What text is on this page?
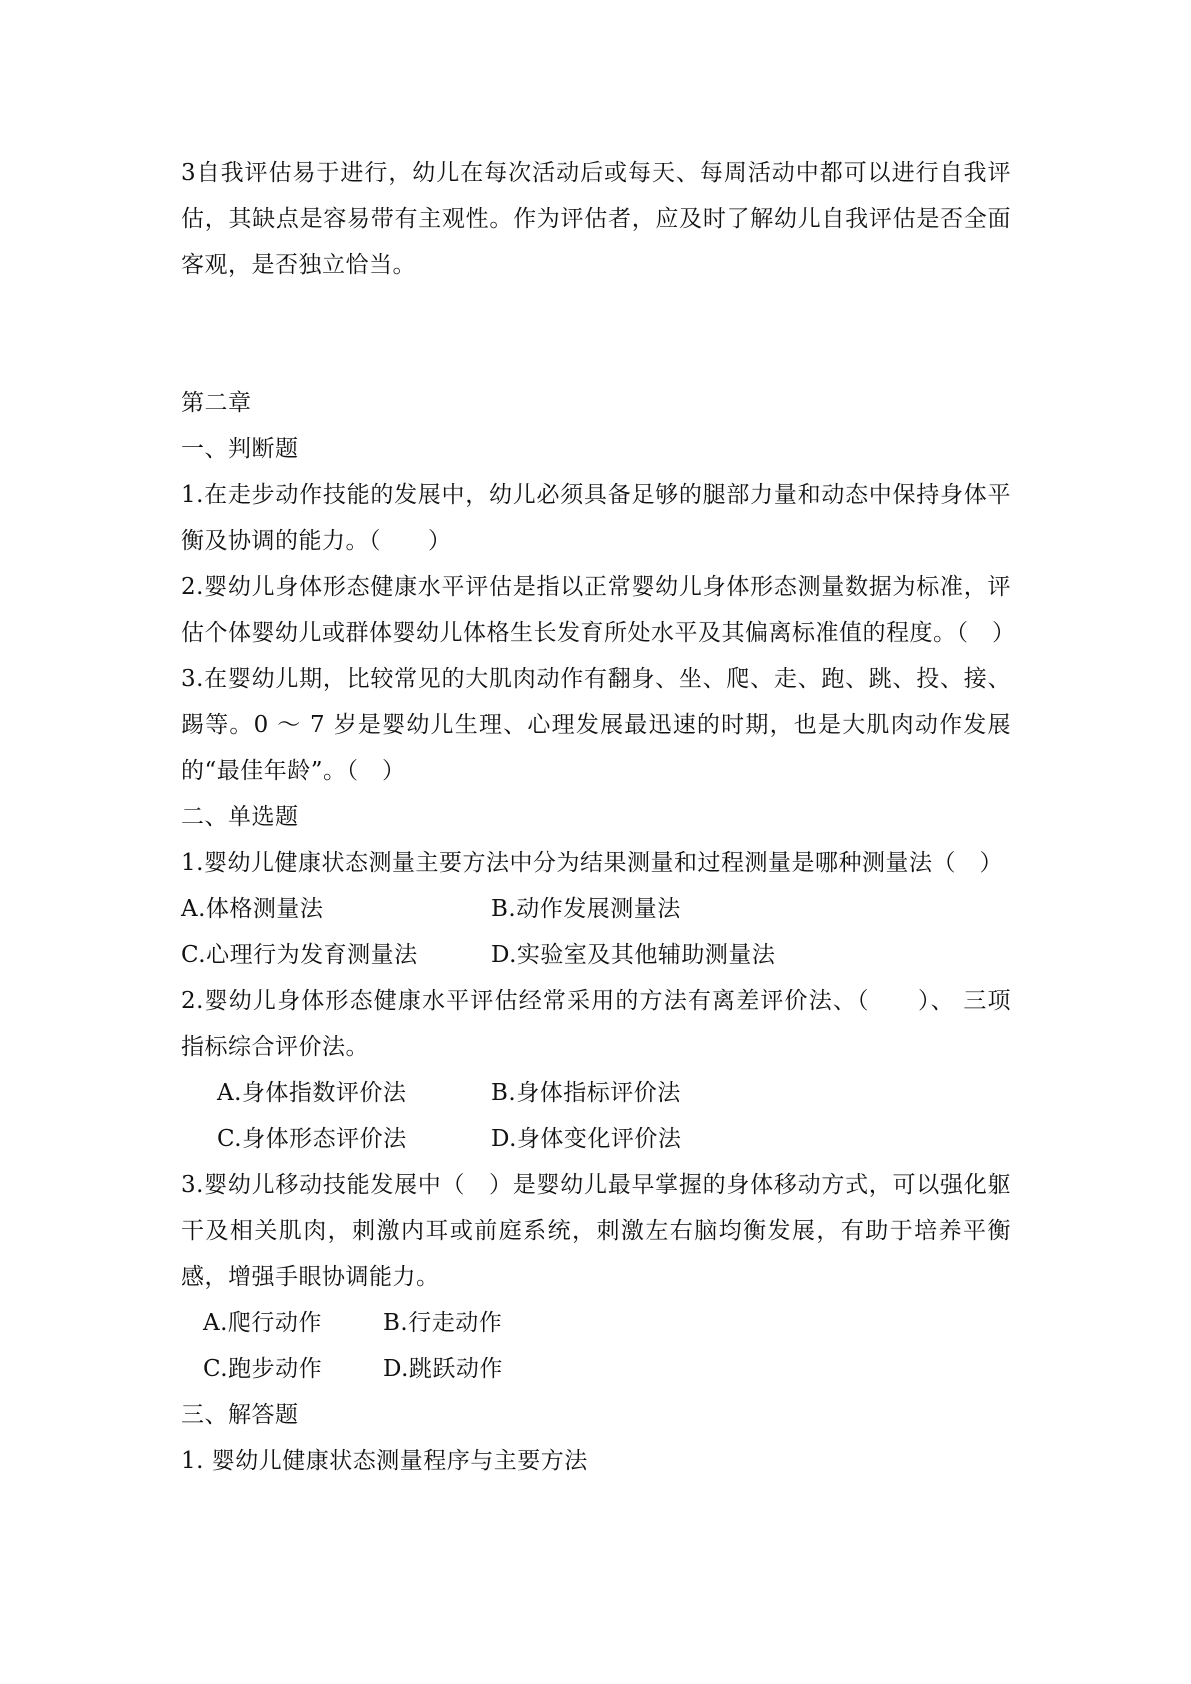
3自我评估易于进行，幼儿在每次活动后或每天、每周活动中都可以进行自我评估，其缺点是容易带有主观性。作为评估者，应及时了解幼儿自我评估是否全面客观，是否独立恰当。

第二章

一、判断题

1.在走步动作技能的发展中，幼儿必须具备足够的腿部力量和动态中保持身体平衡及协调的能力。（　　）

2.婴幼儿身体形态健康水平评估是指以正常婴幼儿身体形态测量数据为标准，评估个体婴幼儿或群体婴幼儿体格生长发育所处水平及其偏离标准值的程度。（　）

3.在婴幼儿期，比较常见的大肌肉动作有翻身、坐、爬、走、跑、跳、投、接、踢等。0 ～ 7 岁是婴幼儿生理、心理发展最迅速的时期，也是大肌肉动作发展的“最佳年龄”。（　）

二、单选题

1.婴幼儿健康状态测量主要方法中分为结果测量和过程测量是哪种测量法（　）

A.体格测量法	B.动作发展测量法
C.心理行为发育测量法	D.实验室及其他辅助测量法

2.婴幼儿身体形态健康水平评估经常采用的方法有离差评价法、（　　）、 三项指标综合评价法。

A.身体指数评价法	B.身体指标评价法
C.身体形态评价法	D.身体变化评价法

3.婴幼儿移动技能发展中（　）是婴幼儿最早掌握的身体移动方式，可以强化躯干及相关肌肉，刺激内耳或前庭系统，刺激左右脑均衡发展，有助于培养平衡感，增强手眼协调能力。

A.爬行动作	B.行走动作
C.跑步动作	D.跳跃动作

三、解答题

1. 婴幼儿健康状态测量程序与主要方法
